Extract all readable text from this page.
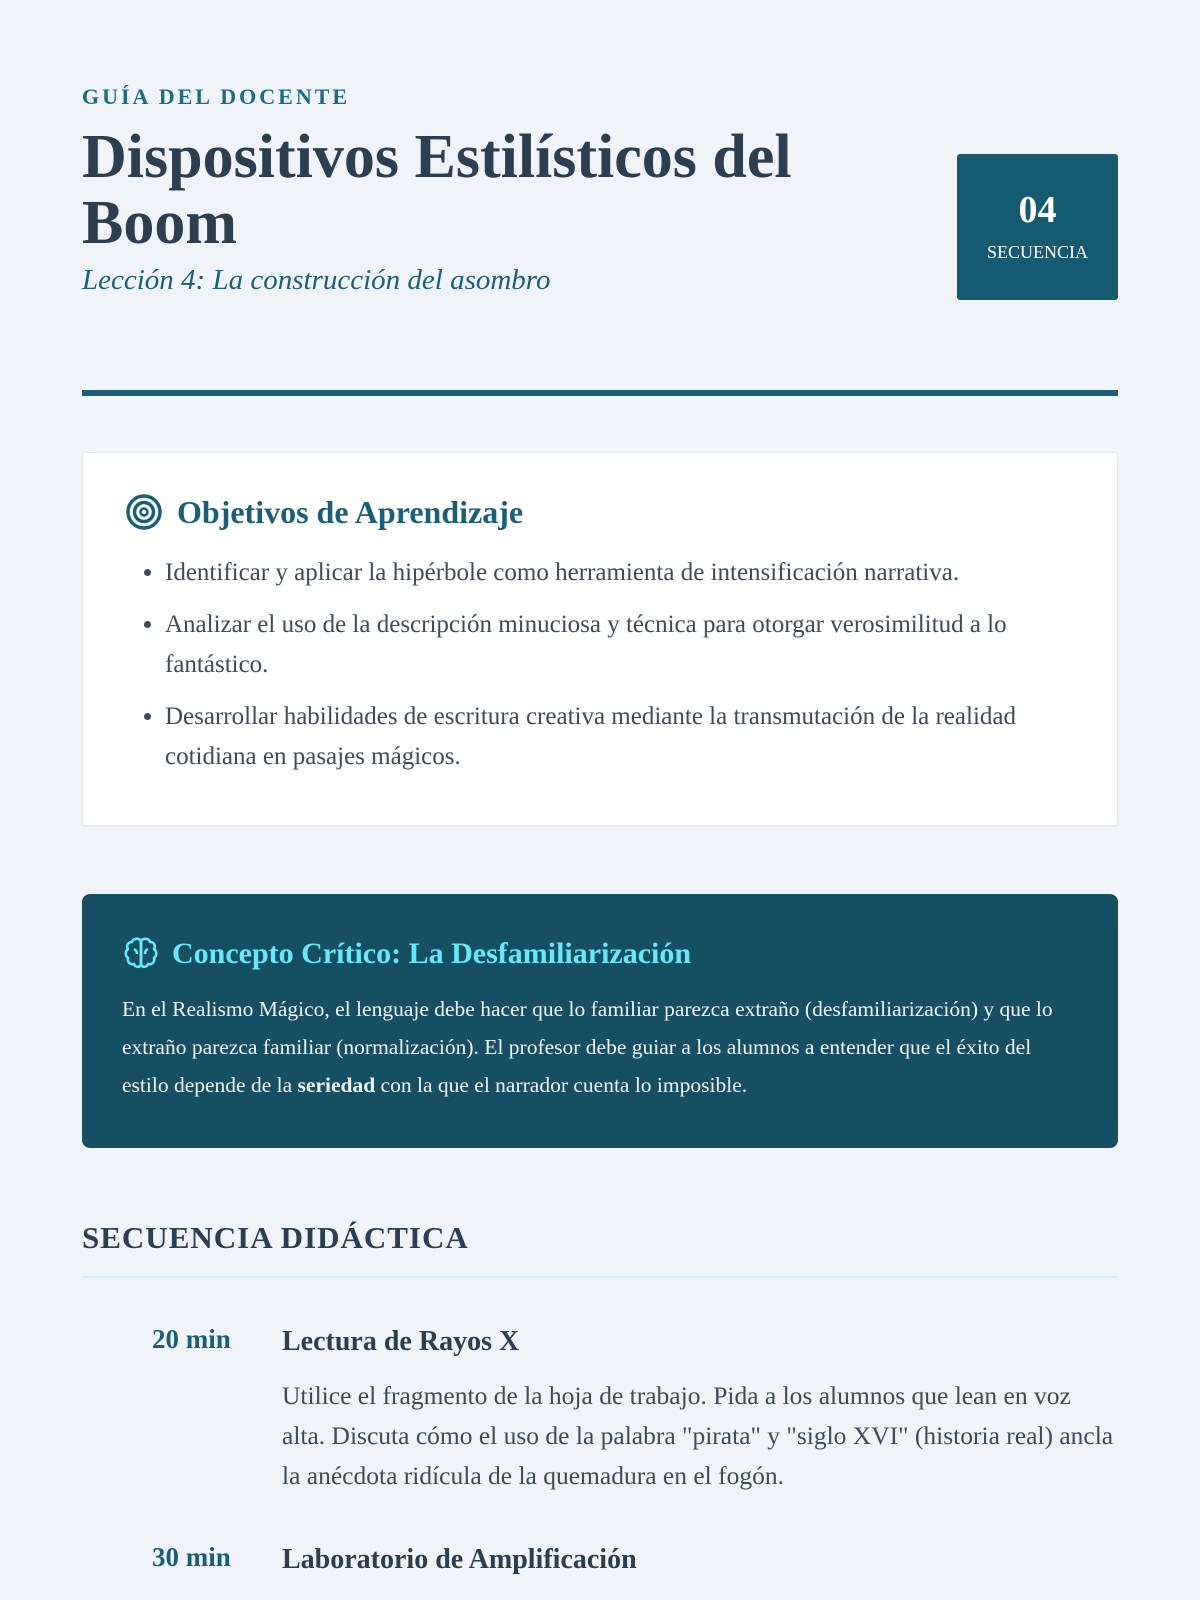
GUÍA DEL DOCENTE
Dispositivos Estilísticos del Boom
Lección 4: La construcción del asombro
04
SECUENCIA
Objetivos de Aprendizaje
• Identificar y aplicar la hipérbole como herramienta de intensificación narrativa.
• Analizar el uso de la descripción minuciosa y técnica para otorgar verosimilitud a lo fantástico.
• Desarrollar habilidades de escritura creativa mediante la transmutación de la realidad cotidiana en pasajes mágicos.
Concepto Crítico: La Desfamiliarización

En el Realismo Mágico, el lenguaje debe hacer que lo familiar parezca extraño (desfamiliarización) y que lo extraño parezca familiar (normalización). El profesor debe guiar a los alumnos a entender que el éxito del estilo depende de la seriedad con la que el narrador cuenta lo imposible.

SECUENCIA DIDÁCTICA
20 min	Lectura de Rayos X

Utilice el fragmento de la hoja de trabajo. Pida a los alumnos que lean en voz alta. Discuta cómo el uso de la palabra "pirata" y "siglo XVI" (historia real) ancla la anécdota ridícula de la quemadura en el fogón.

30 min	Laboratorio de Amplificación
